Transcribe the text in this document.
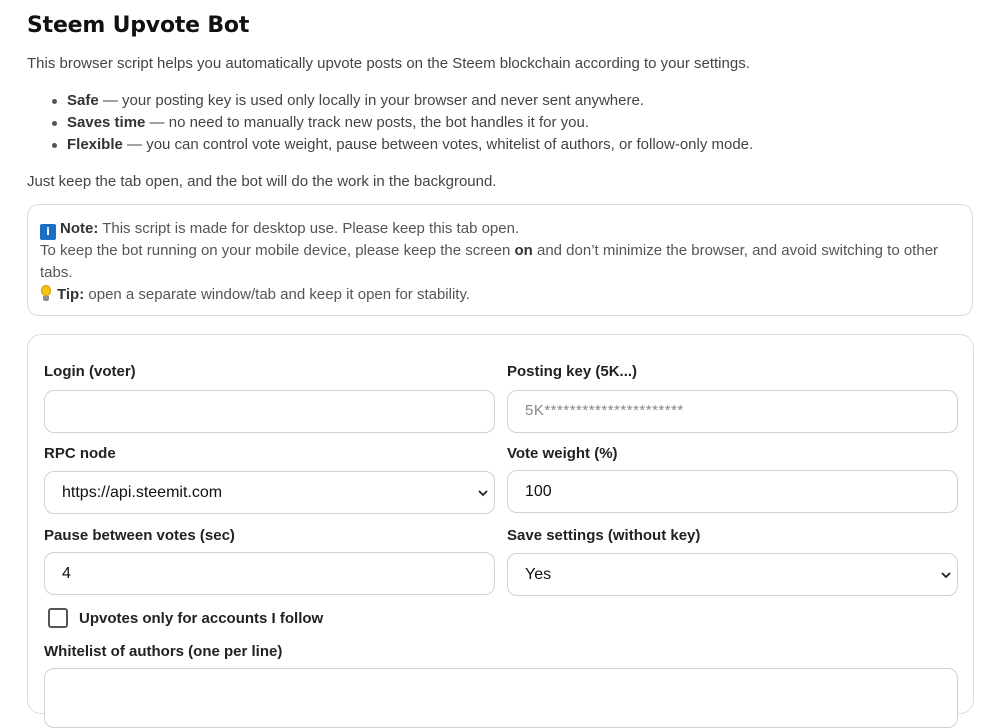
Steem Upvote Bot

This browser script helps you automatically upvote posts on the Steem blockchain according to your settings.

Safe — your posting key is used only locally in your browser and never sent anywhere.
Saves time — no need to manually track new posts, the bot handles it for you.
Flexible — you can control vote weight, pause between votes, whitelist of authors, or follow-only mode.

Just keep the tab open, and the bot will do the work in the background.

i Note: This script is made for desktop use. Please keep this tab open.
To keep the bot running on your mobile device, please keep the screen on and don’t minimize the browser, and avoid switching to other tabs.
Tip: open a separate window/tab and keep it open for stability.
Login (voter)	Posting key (5K...)
5K**********************
RPC node
https://api.steemit.com
Vote weight (%)
100
Pause between votes (sec)
4	Save settings (without key)
Yes
Upvotes only for accounts I follow
Whitelist of authors (one per line)
